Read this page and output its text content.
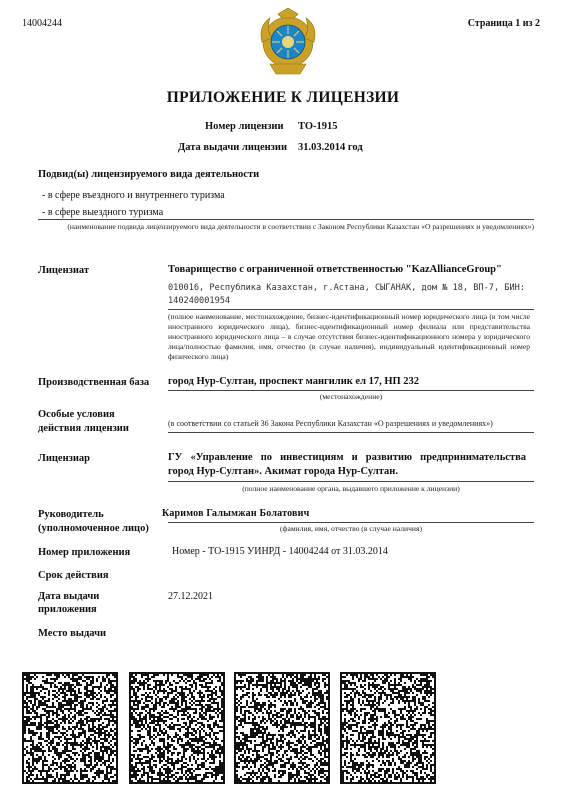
14004244	Страница 1 из 2
ПРИЛОЖЕНИЕ К ЛИЦЕНЗИИ
Номер лицензии ТО-1915
Дата выдачи лицензии 31.03.2014 год
Подвид(ы) лицензируемого вида деятельности
- в сфере въездного и внутреннего туризма
- в сфере выездного туризма
(наименование подвида лицензируемого вида деятельности в соответствии с Законом Республики Казахстан «О разрешениях и уведомлениях»)
Лицензиат	Товарищество с ограниченной ответственностью "KazAllianceGroup"
010016, Республика Казахстан, г.Астана, СЫГАНАК, дом № 18, ВП-7, БИН:
140240001954
(полное наименование, местонахождение, бизнес-идентификационный номер юридического лица (в том числе иностранного юридического лица), бизнес-идентификационный номер филиала или представительства иностранного юридического лица – в случае отсутствия бизнес-идентификационного номера у юридического лица/полностью фамилия, имя, отчество (в случае наличия), индивидуальный идентификационный номер физического лица)
Производственная база город Нур-Султан, проспект мангилик ел 17, НП 232
(местонахождение)
Особые условия
действия лицензии	(в соответствии со статьей 36 Закона Республики Казахстан «О разрешениях и уведомлениях»)
Лицензиар	ГУ «Управление по инвестициям и развитию предпринимательства
город Нур-Султан». Акимат города Нур-Султан.
(полное наименование органа, выдавшего приложение к лицензии)
Руководитель
(уполномоченное лицо)
Каримов Галымжан Болатович
(фамилия, имя, отчество (в случае наличия)
Номер приложения	Номер - ТО-1915 УИНРД - 14004244 от 31.03.2014
Срок действия
Дата выдачи
приложения
27.12.2021
Место выдачи
